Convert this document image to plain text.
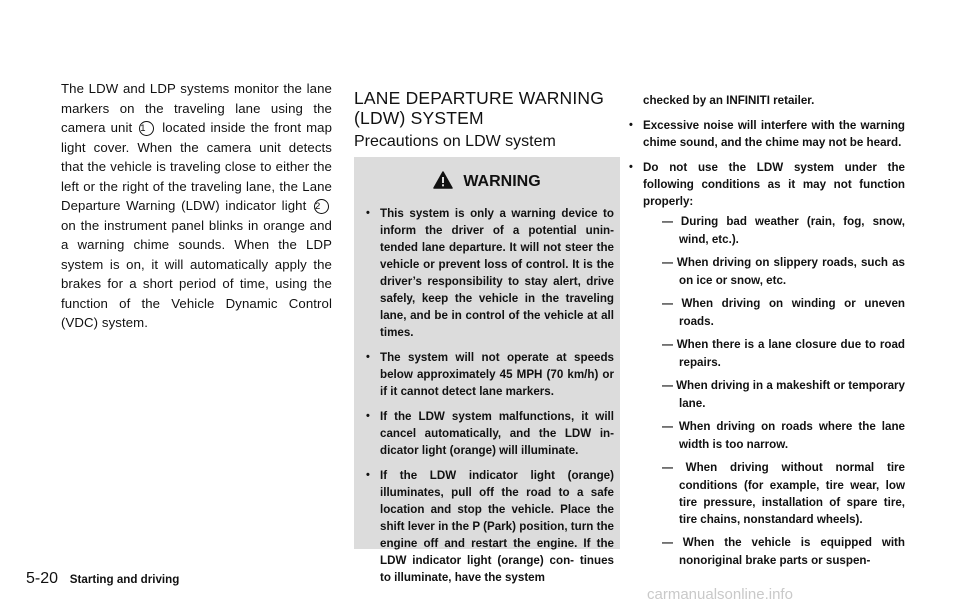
The LDW and LDP systems monitor the lane markers on the traveling lane using the camera unit 1 located inside the front map light cover. When the camera unit detects that the vehicle is traveling close to either the left or the right of the traveling lane, the Lane Departure Warning (LDW) indicator light 2 on the instrument panel blinks in orange and a warning chime sounds. When the LDP system is on, it will automatically apply the brakes for a short period of time, using the function of the Vehicle Dynamic Control (VDC) system.

LANE DEPARTURE WARNING (LDW) SYSTEM
Precautions on LDW system
WARNING
• This system is only a warning device to inform the driver of a potential unin- tended lane departure. It will not steer the vehicle or prevent loss of control. It is the driver’s responsibility to stay alert, drive safely, keep the vehicle in the traveling lane, and be in control of the vehicle at all times.
• The system will not operate at speeds below approximately 45 MPH (70 km/h) or if it cannot detect lane markers.
• If the LDW system malfunctions, it will cancel automatically, and the LDW in- dicator light (orange) will illuminate.
• If the LDW indicator light (orange) illuminates, pull off the road to a safe location and stop the vehicle. Place the shift lever in the P (Park) position, turn the engine off and restart the engine. If the LDW indicator light (orange) con- tinues to illuminate, have the system

checked by an INFINITI retailer.

• Excessive noise will interfere with the warning chime sound, and the chime may not be heard.
• Do not use the LDW system under the following conditions as it may not function properly:
— During bad weather (rain, fog, snow, wind, etc.).
— When driving on slippery roads, such as on ice or snow, etc.
— When driving on winding or uneven roads.
— When there is a lane closure due to road repairs.
— When driving in a makeshift or temporary lane.
— When driving on roads where the lane width is too narrow.
— When driving without normal tire conditions (for example, tire wear, low tire pressure, installation of spare tire, tire chains, nonstandard wheels).
— When the vehicle is equipped with nonoriginal brake parts or suspen-
5-20 Starting and driving
carmanualsonline.info
